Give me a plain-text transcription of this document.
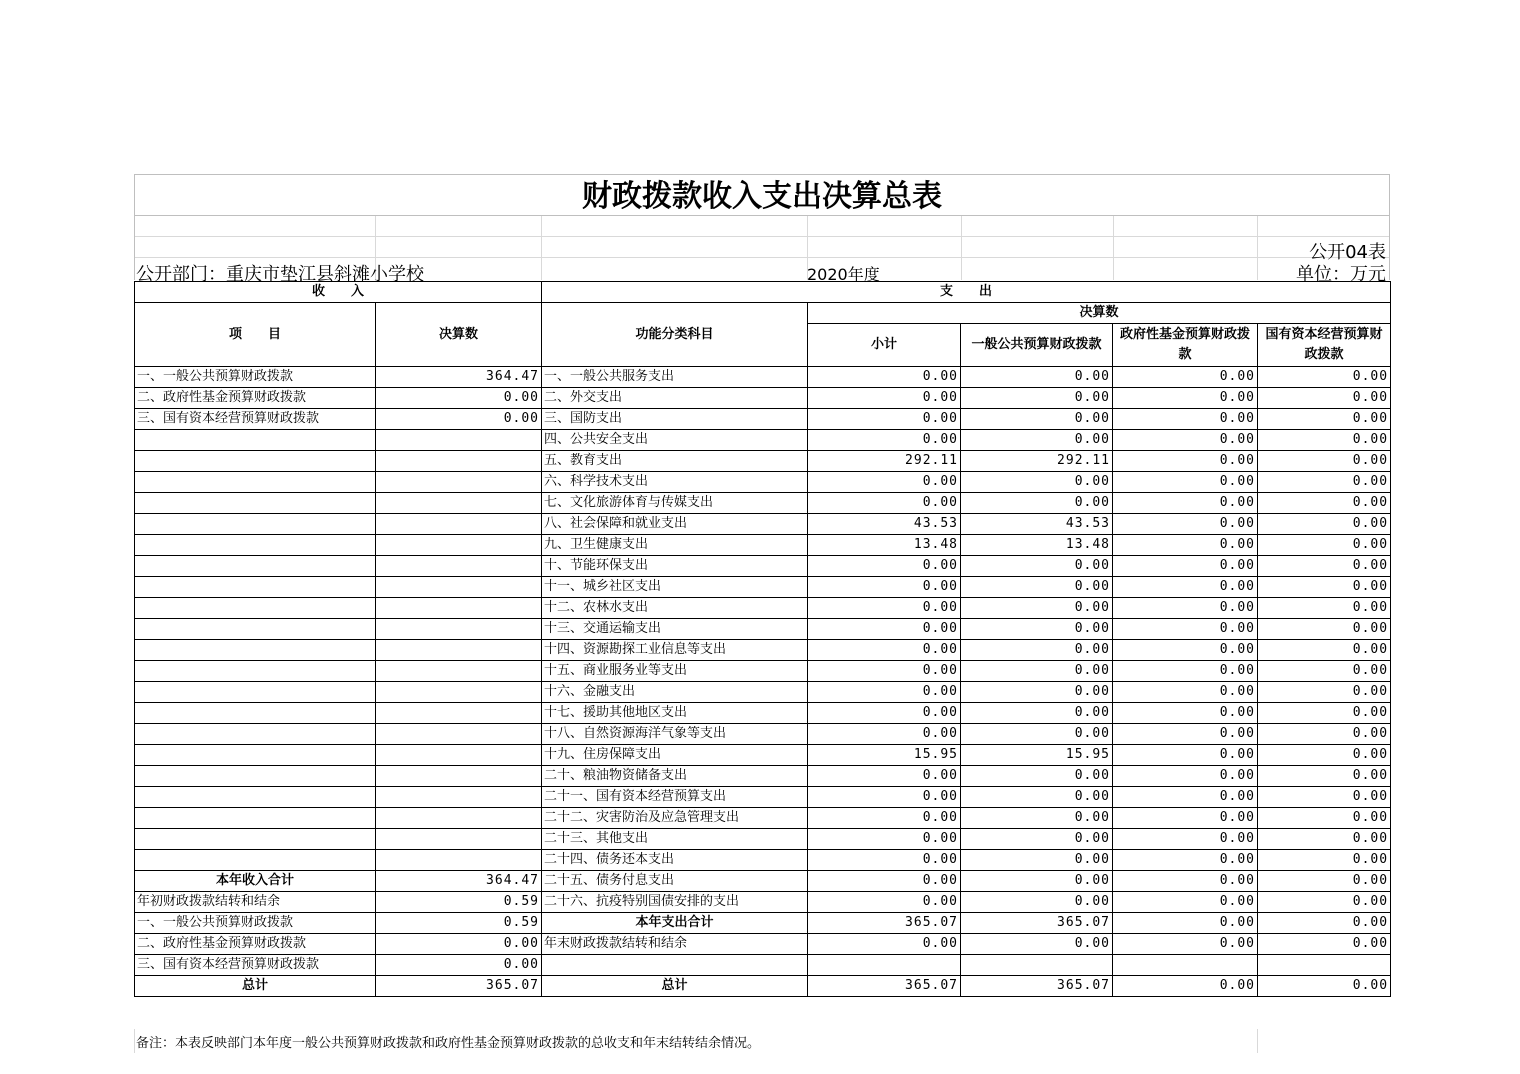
财政拨款收入支出决算总表
公开04表
公开部门：重庆市垫江县斜滩小学校	2020年度	单位：万元
收　　入		支　　出				
项　　目	决算数	功能分类科目	决算数			
			小计	一般公共预算财政拨款	政府性基金预算财政拨款	国有资本经营预算财政拨款
一、一般公共预算财政拨款	364.47	一、一般公共服务支出	0.00	0.00	0.00	0.00
二、政府性基金预算财政拨款	0.00	二、外交支出	0.00	0.00	0.00	0.00
三、国有资本经营预算财政拨款	0.00	三、国防支出	0.00	0.00	0.00	0.00
		四、公共安全支出	0.00	0.00	0.00	0.00
		五、教育支出	292.11	292.11	0.00	0.00
		六、科学技术支出	0.00	0.00	0.00	0.00
		七、文化旅游体育与传媒支出	0.00	0.00	0.00	0.00
		八、社会保障和就业支出	43.53	43.53	0.00	0.00
		九、卫生健康支出	13.48	13.48	0.00	0.00
		十、节能环保支出	0.00	0.00	0.00	0.00
		十一、城乡社区支出	0.00	0.00	0.00	0.00
		十二、农林水支出	0.00	0.00	0.00	0.00
		十三、交通运输支出	0.00	0.00	0.00	0.00
		十四、资源勘探工业信息等支出	0.00	0.00	0.00	0.00
		十五、商业服务业等支出	0.00	0.00	0.00	0.00
		十六、金融支出	0.00	0.00	0.00	0.00
		十七、援助其他地区支出	0.00	0.00	0.00	0.00
		十八、自然资源海洋气象等支出	0.00	0.00	0.00	0.00
		十九、住房保障支出	15.95	15.95	0.00	0.00
		二十、粮油物资储备支出	0.00	0.00	0.00	0.00
		二十一、国有资本经营预算支出	0.00	0.00	0.00	0.00
		二十二、灾害防治及应急管理支出	0.00	0.00	0.00	0.00
		二十三、其他支出	0.00	0.00	0.00	0.00
		二十四、债务还本支出	0.00	0.00	0.00	0.00
本年收入合计	364.47	二十五、债务付息支出	0.00	0.00	0.00	0.00
年初财政拨款结转和结余	0.59	二十六、抗疫特别国债安排的支出	0.00	0.00	0.00	0.00
一、一般公共预算财政拨款	0.59	本年支出合计	365.07	365.07	0.00	0.00
二、政府性基金预算财政拨款	0.00	年末财政拨款结转和结余	0.00	0.00	0.00	0.00
三、国有资本经营预算财政拨款	0.00					
总计	365.07	总计	365.07	365.07	0.00	0.00
备注：本表反映部门本年度一般公共预算财政拨款和政府性基金预算财政拨款的总收支和年末结转结余情况。
